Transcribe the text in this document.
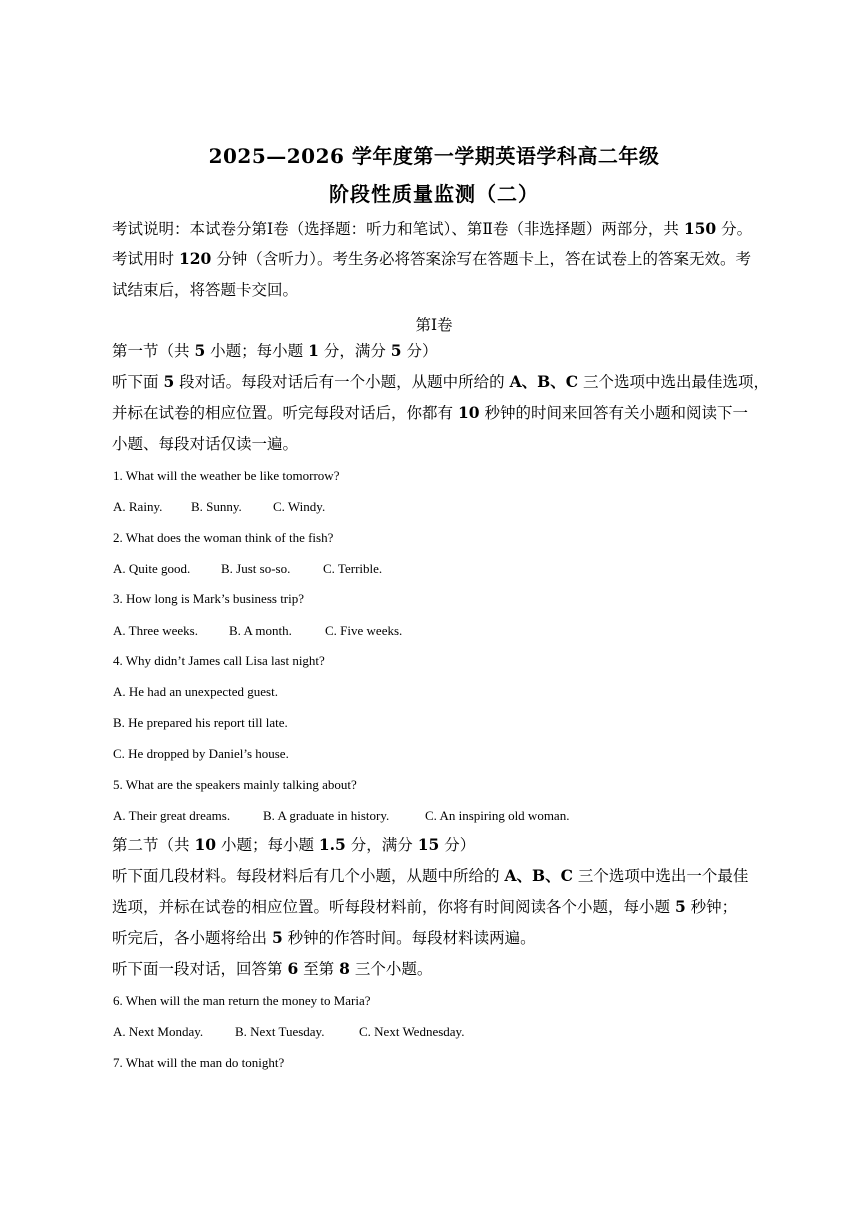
2025—2026 学年度第一学期英语学科高二年级
阶段性质量监测（二）
考试说明：本试卷分第Ⅰ卷（选择题：听力和笔试）、第Ⅱ卷（非选择题）两部分，共 150 分。
考试用时 120 分钟（含听力）。考生务必将答案涂写在答题卡上，答在试卷上的答案无效。考
试结束后，将答题卡交回。
第Ⅰ卷
第一节（共 5 小题；每小题 1 分，满分 5 分）
听下面 5 段对话。每段对话后有一个小题，从题中所给的 A、B、C 三个选项中选出最佳选项，
并标在试卷的相应位置。听完每段对话后，你都有 10 秒钟的时间来回答有关小题和阅读下一
小题、每段对话仅读一遍。
1. What will the weather be like tomorrow?
A. Rainy. B. Sunny. C. Windy.
2. What does the woman think of the fish?
A. Quite good. B. Just so-so.	C. Terrible.
3. How long is Mark’s business trip?
A. Three weeks. B. A month.	C. Five weeks.
4. Why didn’t James call Lisa last night?
A. He had an unexpected guest.
B. He prepared his report till late.
C. He dropped by Daniel’s house.
5. What are the speakers mainly talking about?
A. Their great dreams.	B. A graduate in history.	C. An inspiring old woman.
第二节（共 10 小题；每小题 1.5 分，满分 15 分）
听下面几段材料。每段材料后有几个小题，从题中所给的 A、B、C 三个选项中选出一个最佳
选项，并标在试卷的相应位置。听每段材料前，你将有时间阅读各个小题，每小题 5 秒钟；
听完后，各小题将给出 5 秒钟的作答时间。每段材料读两遍。
听下面一段对话，回答第 6 至第 8 三个小题。
6. When will the man return the money to Maria?
A. Next Monday. B. Next Tuesday.	C. Next Wednesday.
7. What will the man do tonight?
